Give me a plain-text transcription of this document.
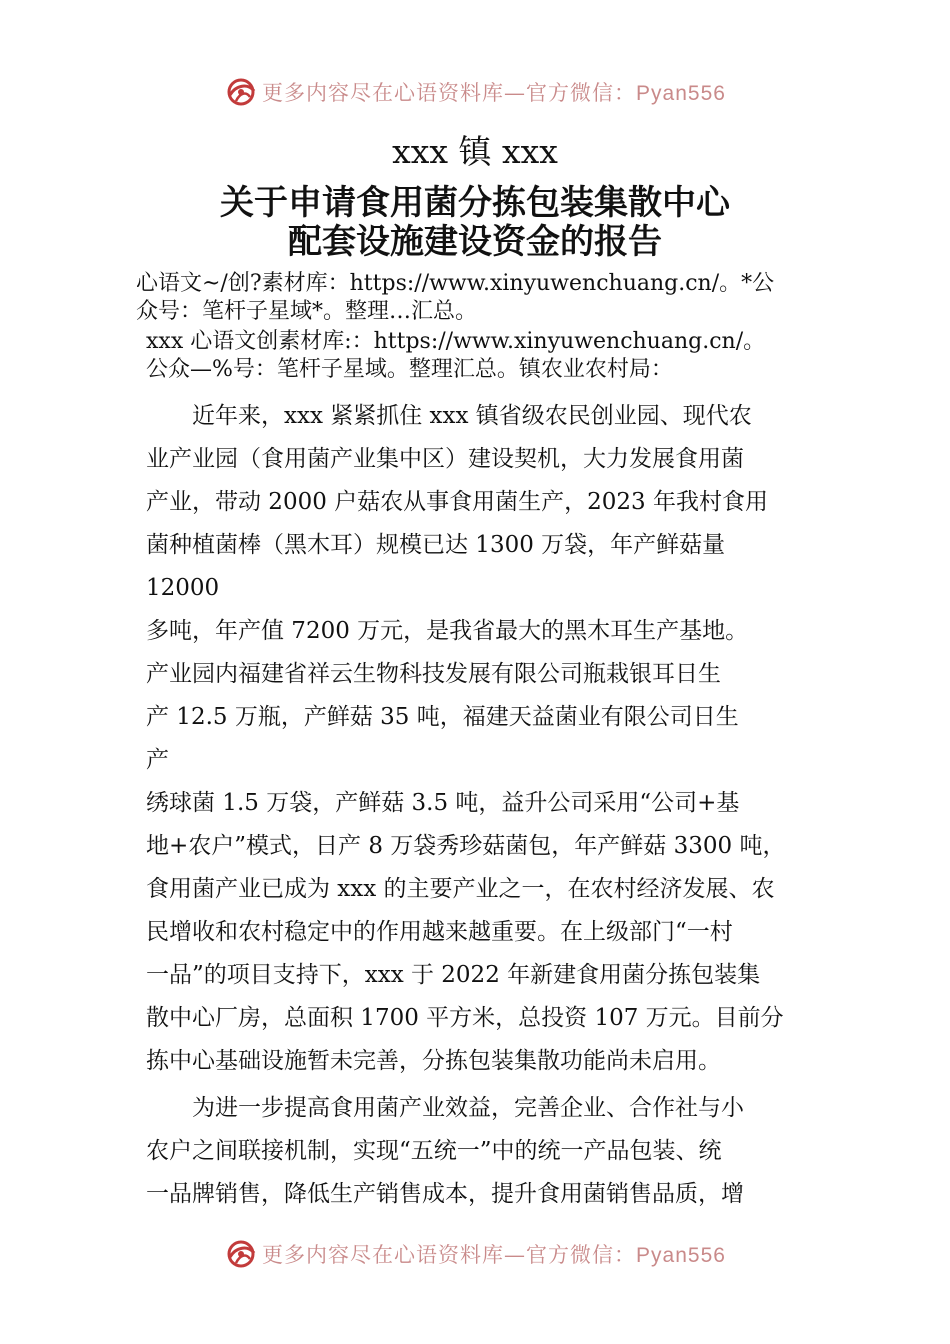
更多内容尽在心语资料库—官方微信：Pyan556
xxx 镇 xxx
关于申请食用菌分拣包装集散中心
配套设施建设资金的报告
心语文~/创?素材库：https://www.xinyuwenchuang.cn/。*公
众号：笔杆子星域*。整理…汇总。
xxx 心语文创素材库:：https://www.xinyuwenchuang.cn/。
公众—%号：笔杆子星域。整理汇总。镇农业农村局：
　　近年来，xxx 紧紧抓住 xxx 镇省级农民创业园、现代农
业产业园（食用菌产业集中区）建设契机，大力发展食用菌
产业，带动 2000 户菇农从事食用菌生产，2023 年我村食用
菌种植菌棒（黑木耳）规模已达 1300 万袋，年产鲜菇量
12000
多吨，年产值 7200 万元，是我省最大的黑木耳生产基地。
产业园内福建省祥云生物科技发展有限公司瓶栽银耳日生
产 12.5 万瓶，产鲜菇 35 吨，福建天益菌业有限公司日生
产
绣球菌 1.5 万袋，产鲜菇 3.5 吨，益升公司采用“公司+基
地+农户”模式，日产 8 万袋秀珍菇菌包，年产鲜菇 3300 吨，
食用菌产业已成为 xxx 的主要产业之一，在农村经济发展、农
民增收和农村稳定中的作用越来越重要。在上级部门“一村
一品”的项目支持下，xxx 于 2022 年新建食用菌分拣包装集
散中心厂房，总面积 1700 平方米，总投资 107 万元。目前分
拣中心基础设施暂未完善，分拣包装集散功能尚未启用。
　　为进一步提高食用菌产业效益，完善企业、合作社与小
农户之间联接机制，实现“五统一”中的统一产品包装、统
一品牌销售，降低生产销售成本，提升食用菌销售品质，增
更多内容尽在心语资料库—官方微信：Pyan556
